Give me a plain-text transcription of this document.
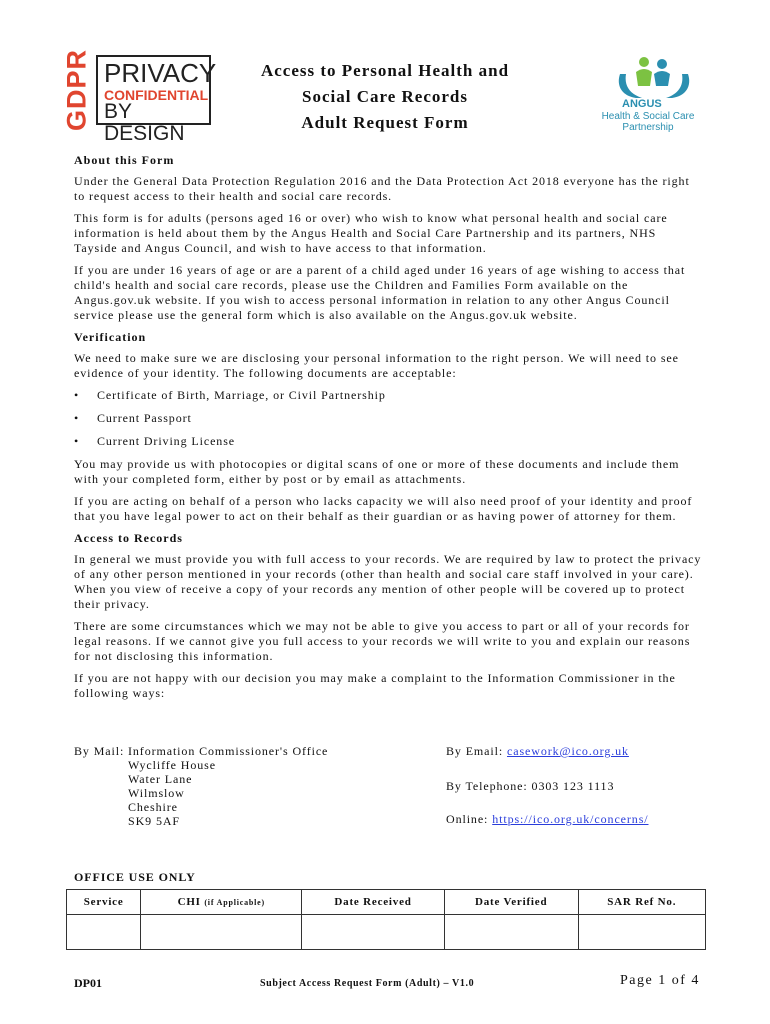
GDPR PRIVACY
CONFIDENTIAL
BY DESIGN
Access to Personal Health and
Social Care Records
Adult Request Form
ANGUS
Health & Social Care Partnership
About this Form

Under the General Data Protection Regulation 2016 and the Data Protection Act 2018 everyone has the right to request access to their health and social care records.

This form is for adults (persons aged 16 or over) who wish to know what personal health and social care information is held about them by the Angus Health and Social Care Partnership and its partners, NHS Tayside and Angus Council, and wish to have access to that information.

If you are under 16 years of age or are a parent of a child aged under 16 years of age wishing to access that child's health and social care records, please use the Children and Families Form available on the Angus.gov.uk website. If you wish to access personal information in relation to any other Angus Council service please use the general form which is also available on the Angus.gov.uk website.

Verification

We need to make sure we are disclosing your personal information to the right person. We will need to see evidence of your identity. The following documents are acceptable:

• Certificate of Birth, Marriage, or Civil Partnership
• Current Passport
• Current Driving License

You may provide us with photocopies or digital scans of one or more of these documents and include them with your completed form, either by post or by email as attachments.

If you are acting on behalf of a person who lacks capacity we will also need proof of your identity and proof that you have legal power to act on their behalf as their guardian or as having power of attorney for them.

Access to Records

In general we must provide you with full access to your records. We are required by law to protect the privacy of any other person mentioned in your records (other than health and social care staff involved in your care). When you view of receive a copy of your records any mention of other people will be covered up to protect their privacy.

There are some circumstances which we may not be able to give you access to part or all of your records for legal reasons. If we cannot give you full access to your records we will write to you and explain our reasons for not disclosing this information.

If you are not happy with our decision you may make a complaint to the Information Commissioner in the following ways:

By Mail: Information Commissioner's Office
Wycliffe House
Water Lane
Wilmslow
Cheshire
SK9 5AF
By Email: casework@ico.org.uk
By Telephone: 0303 123 1113
Online: https://ico.org.uk/concerns/
OFFICE USE ONLY
Service	CHI (if Applicable)	Date Received	Date Verified	SAR Ref No.

DP01	Subject Access Request Form (Adult) – V1.0	Page 1 of 4
